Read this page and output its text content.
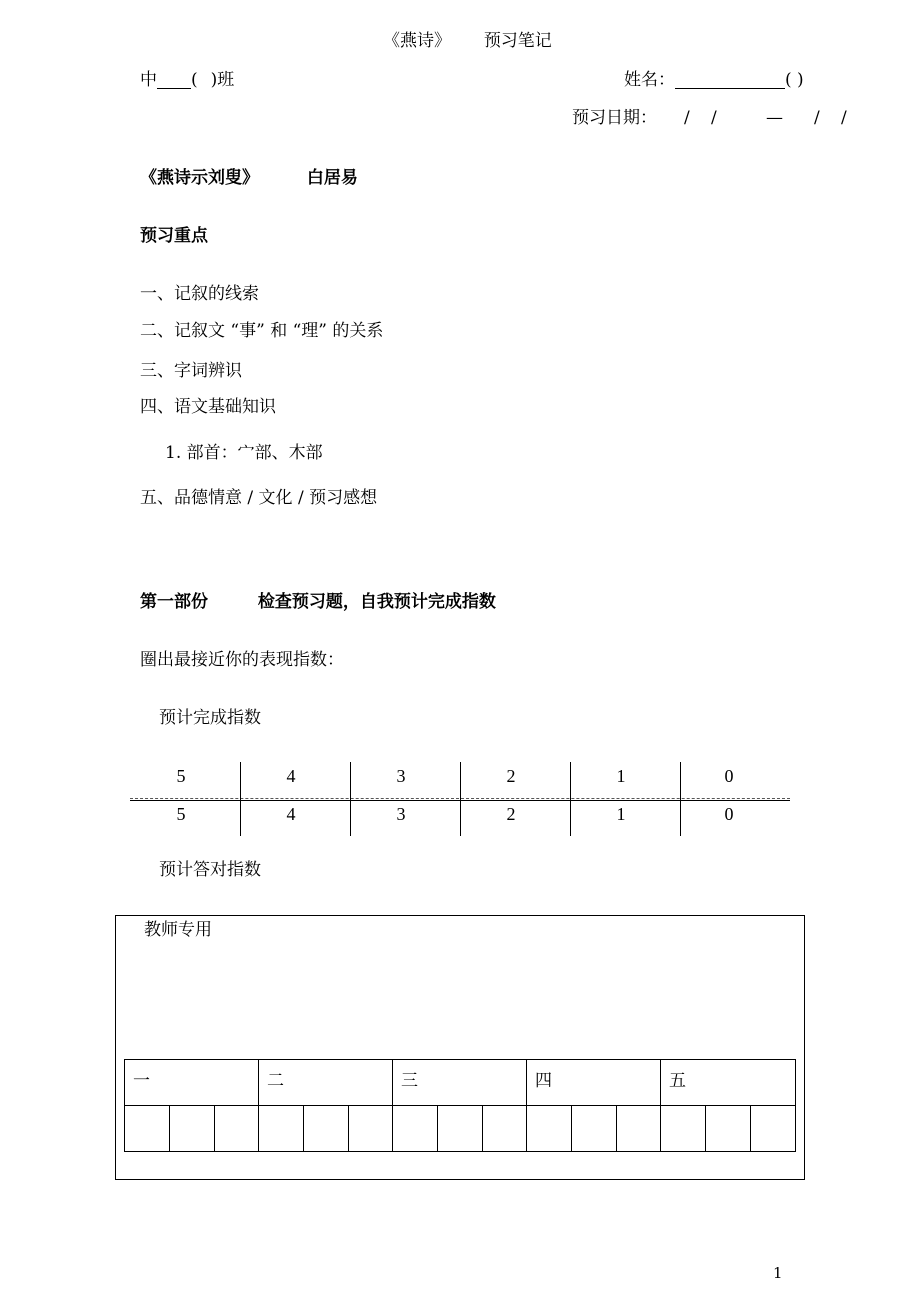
《燕诗》 预习笔记
中 ( )班	姓名：	( )
预习日期： / /	— / /
《燕诗示刘叟》	白居易
预习重点
一、记叙的线索
二、记叙文 “事” 和 “理” 的关系
三、字词辨识
四、语文基础知识
1. 部首：宀部、木部
五、品德情意 / 文化 / 预习感想
第一部份	检查预习题，自我预计完成指数
圈出最接近你的表现指数：
预计完成指数
5	4	3	2	1	0
5	4	3	2	1	0
预计答对指数
教师专用
一	二	三	四	五
1
